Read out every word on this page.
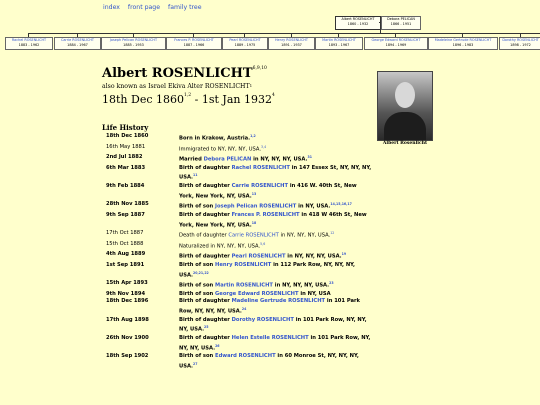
index front page family tree
Albert ROSENLICHT
1860 - 1932
Debora PELICAN
1866 - 1951
Rachel ROSENLICHT
1883 - 1962
Carrie ROSENLICHT
1884 - 1967
Joseph Pelican ROSENLICHT
1885 - 1953
Frances P. ROSENLICHT
1887 - 1966
Pearl ROSENLICHT
1889 - 1975
Henry ROSENLICHT
1891 - 1937
Martin ROSENLICHT
1893 - 1967
George Edward ROSENLICHT
1894 - 1969
Madeleine Gertrude ROSENLICHT
1896 - 1983
Dorothy ROSENLICHT
1898 - 1972
Albert ROSENLICHT$^{6,9,10}$
also known as Israel Ekiva Alter ROSENLICHT$^1$
18th Dec 1860$^{1,2}$ - 1st Jan 1932$^4$
Albert Rosenlicht
Life History
18th Dec 1860	Born in Krakow, Austria.$^{1,2}$
16th May 1881	Immigrated to NY, NY, NY, USA.$^{3,4}$
2nd Jul 1882	Married Debora PELICAN in NY, NY, NY, USA.$^{31}$
6th Mar 1883	Birth of daughter Rachel ROSENLICHT in 147 Essex St, NY, NY, NY, USA.$^{11}$
9th Feb 1884	Birth of daughter Carrie ROSENLICHT in 416 W. 40th St, New York, New York, NY, USA.$^{13}$
28th Nov 1885	Birth of son Joseph Pelican ROSENLICHT in NY, USA.$^{14,15,16,17}$
9th Sep 1887	Birth of daughter Frances P. ROSENLICHT in 418 W 46th St, New York, New York, NY, USA.$^{18}$
17th Oct 1887	Death of daughter Carrie ROSENLICHT in NY, NY, NY, USA.$^{12}$
15th Oct 1888	Naturalized in NY, NY, NY, USA.$^{5,6}$
4th Aug 1889	Birth of daughter Pearl ROSENLICHT in NY, NY, NY, USA.$^{19}$
1st Sep 1891	Birth of son Henry ROSENLICHT in 112 Park Row, NY, NY, NY, USA.$^{20,21,22}$
15th Apr 1893	Birth of son Martin ROSENLICHT in NY, NY, NY, USA.$^{23}$
9th Nov 1894	Birth of son George Edward ROSENLICHT in NY, USA
18th Dec 1896	Birth of daughter Madeline Gertrude ROSENLICHT in 101 Park Row, NY, NY, NY, USA.$^{24}$
17th Aug 1898	Birth of daughter Dorothy ROSENLICHT in 101 Park Row, NY, NY, NY, USA.$^{25}$
26th Nov 1900	Birth of daughter Helen Estelle ROSENLICHT in 101 Park Row, NY, NY, NY, USA.$^{26}$
18th Sep 1902	Birth of son Edward ROSENLICHT in 60 Monroe St, NY, NY, NY, USA.$^{27}$
